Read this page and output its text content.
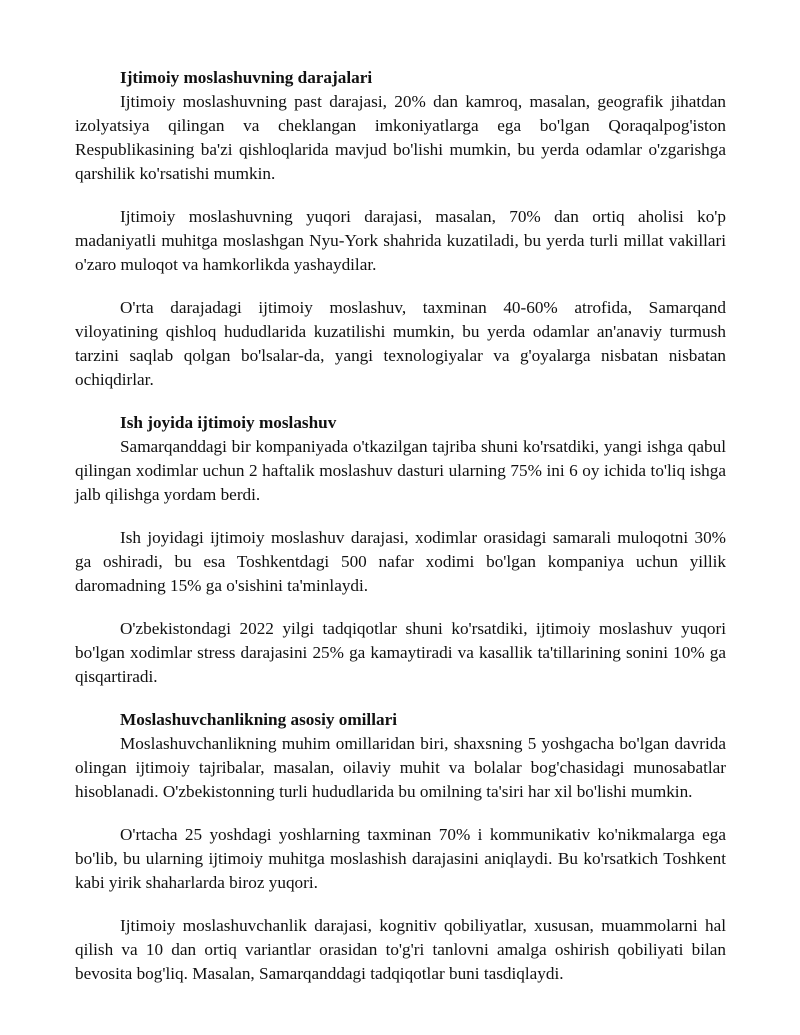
Ijtimoiy moslashuvning darajalari

Ijtimoiy moslashuvning past darajasi, 20% dan kamroq, masalan, geografik jihatdan izolyatsiya qilingan va cheklangan imkoniyatlarga ega bo'lgan Qoraqalpog'iston Respublikasining ba'zi qishloqlarida mavjud bo'lishi mumkin, bu yerda odamlar o'zgarishga qarshilik ko'rsatishi mumkin.

Ijtimoiy moslashuvning yuqori darajasi, masalan, 70% dan ortiq aholisi ko'p madaniyatli muhitga moslashgan Nyu-York shahrida kuzatiladi, bu yerda turli millat vakillari o'zaro muloqot va hamkorlikda yashaydilar.

O'rta darajadagi ijtimoiy moslashuv, taxminan 40-60% atrofida, Samarqand viloyatining qishloq hududlarida kuzatilishi mumkin, bu yerda odamlar an'anaviy turmush tarzini saqlab qolgan bo'lsalar-da, yangi texnologiyalar va g'oyalarga nisbatan nisbatan ochiqdirlar.

Ish joyida ijtimoiy moslashuv

Samarqanddagi bir kompaniyada o'tkazilgan tajriba shuni ko'rsatdiki, yangi ishga qabul qilingan xodimlar uchun 2 haftalik moslashuv dasturi ularning 75% ini 6 oy ichida to'liq ishga jalb qilishga yordam berdi.

Ish joyidagi ijtimoiy moslashuv darajasi, xodimlar orasidagi samarali muloqotni 30% ga oshiradi, bu esa Toshkentdagi 500 nafar xodimi bo'lgan kompaniya uchun yillik daromadning 15% ga o'sishini ta'minlaydi.

O'zbekistondagi 2022 yilgi tadqiqotlar shuni ko'rsatdiki, ijtimoiy moslashuv yuqori bo'lgan xodimlar stress darajasini 25% ga kamaytiradi va kasallik ta'tillarining sonini 10% ga qisqartiradi.

Moslashuvchanlikning asosiy omillari

Moslashuvchanlikning muhim omillaridan biri, shaxsning 5 yoshgacha bo'lgan davrida olingan ijtimoiy tajribalar, masalan, oilaviy muhit va bolalar bog'chasidagi munosabatlar hisoblanadi. O'zbekistonning turli hududlarida bu omilning ta'siri har xil bo'lishi mumkin.

O'rtacha 25 yoshdagi yoshlarning taxminan 70% i kommunikativ ko'nikmalarga ega bo'lib, bu ularning ijtimoiy muhitga moslashish darajasini aniqlaydi. Bu ko'rsatkich Toshkent kabi yirik shaharlarda biroz yuqori.

Ijtimoiy moslashuvchanlik darajasi, kognitiv qobiliyatlar, xususan, muammolarni hal qilish va 10 dan ortiq variantlar orasidan to'g'ri tanlovni amalga oshirish qobiliyati bilan bevosita bog'liq. Masalan, Samarqanddagi tadqiqotlar buni tasdiqlaydi.
